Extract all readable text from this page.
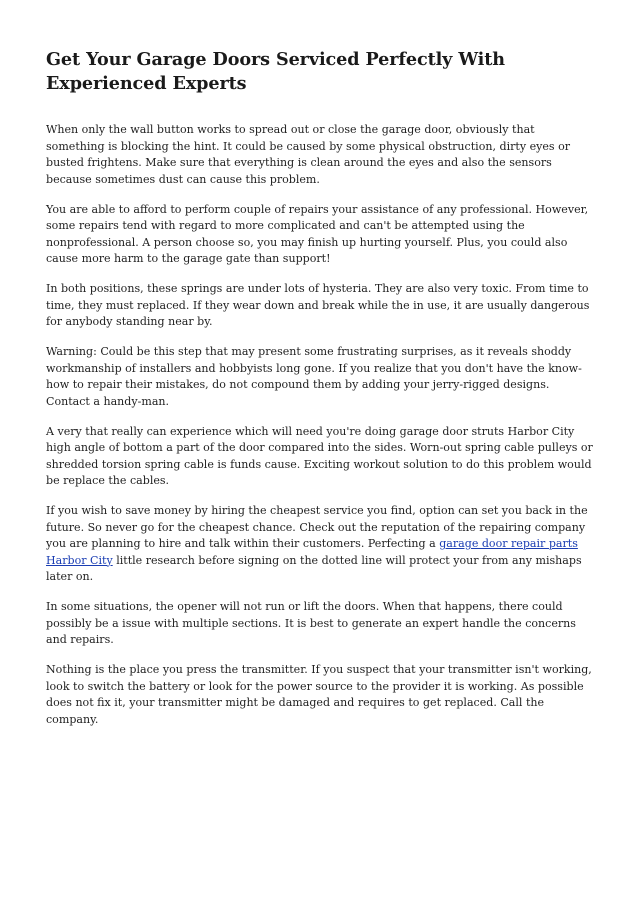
Get Your Garage Doors Serviced Perfectly With Experienced Experts

When only the wall button works to spread out or close the garage door, obviously that something is blocking the hint. It could be caused by some physical obstruction, dirty eyes or busted frightens. Make sure that everything is clean around the eyes and also the sensors because sometimes dust can cause this problem.

You are able to afford to perform couple of repairs your assistance of any professional. However, some repairs tend with regard to more complicated and can't be attempted using the nonprofessional. A person choose so, you may finish up hurting yourself. Plus, you could also cause more harm to the garage gate than support!

In both positions, these springs are under lots of hysteria. They are also very toxic. From time to time, they must replaced. If they wear down and break while the in use, it are usually dangerous for anybody standing near by.

Warning: Could be this step that may present some frustrating surprises, as it reveals shoddy workmanship of installers and hobbyists long gone. If you realize that you don't have the know-how to repair their mistakes, do not compound them by adding your jerry-rigged designs. Contact a handy-man.

A very that really can experience which will need you're doing garage door struts Harbor City high angle of bottom a part of the door compared into the sides. Worn-out spring cable pulleys or shredded torsion spring cable is funds cause. Exciting workout solution to do this problem would be replace the cables.

If you wish to save money by hiring the cheapest service you find, option can set you back in the future. So never go for the cheapest chance. Check out the reputation of the repairing company you are planning to hire and talk within their customers. Perfecting a garage door repair parts Harbor City little research before signing on the dotted line will protect your from any mishaps later on.

In some situations, the opener will not run or lift the doors. When that happens, there could possibly be a issue with multiple sections. It is best to generate an expert handle the concerns and repairs.

Nothing is the place you press the transmitter. If you suspect that your transmitter isn't working, look to switch the battery or look for the power source to the provider it is working. As possible does not fix it, your transmitter might be damaged and requires to get replaced. Call the company.
